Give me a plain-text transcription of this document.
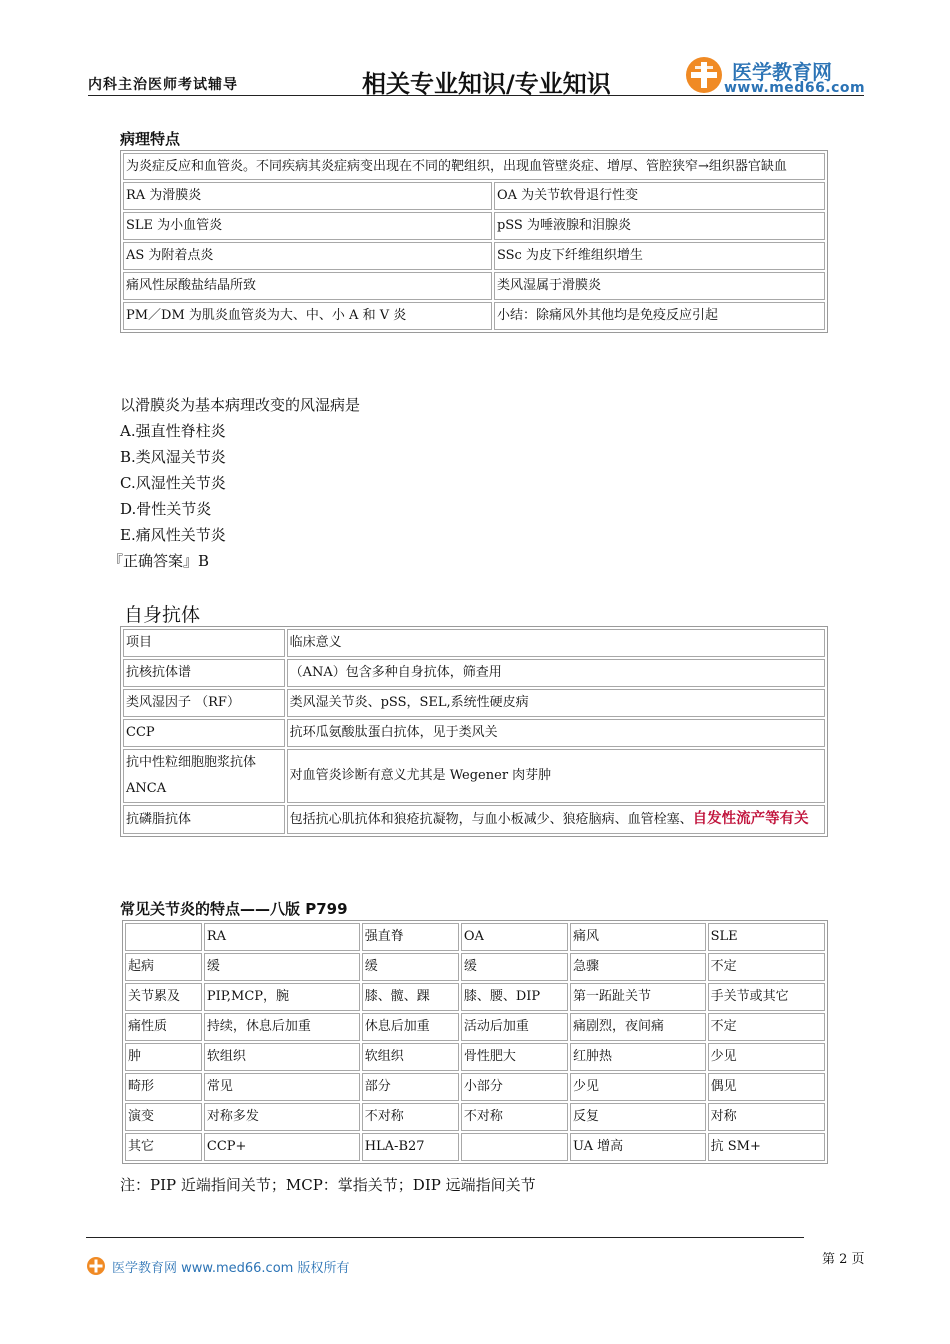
内科主治医师考试辅导	相关专业知识/专业知识	医学教育网
www.med66.com
病理特点
为炎症反应和血管炎。不同疾病其炎症病变出现在不同的靶组织，出现血管壁炎症、增厚、管腔狭窄→组织器官缺血	
RA 为滑膜炎	OA 为关节软骨退行性变
SLE 为小血管炎	pSS 为唾液腺和泪腺炎
AS 为附着点炎	SSc 为皮下纤维组织增生
痛风性尿酸盐结晶所致	类风湿属于滑膜炎
PM／DM 为肌炎血管炎为大、中、小 A 和 V 炎	小结：除痛风外其他均是免疫反应引起
以滑膜炎为基本病理改变的风湿病是
A.强直性脊柱炎
B.类风湿关节炎
C.风湿性关节炎
D.骨性关节炎
E.痛风性关节炎
『正确答案』B
自身抗体
项目	临床意义
抗核抗体谱	（ANA）包含多种自身抗体，筛查用
类风湿因子 （RF）	类风湿关节炎、pSS，SEL,系统性硬皮病
CCP	抗环瓜氨酸肽蛋白抗体，见于类风关
抗中性粒细胞胞浆抗体ANCA	对血管炎诊断有意义尤其是 Wegener 肉芽肿
抗磷脂抗体	包括抗心肌抗体和狼疮抗凝物，与血小板减少、狼疮脑病、血管栓塞、自发性流产等有关
常见关节炎的特点——八版 P799
	RA	强直脊	OA	痛风	SLE
起病	缓	缓	缓	急骤	不定
关节累及	PIP,MCP，腕	膝、髋、踝	膝、腰、DIP	第一跖趾关节	手关节或其它
痛性质	持续，休息后加重	休息后加重	活动后加重	痛剧烈，夜间痛	不定
肿	软组织	软组织	骨性肥大	红肿热	少见
畸形	常见	部分	小部分	少见	偶见
演变	对称多发	不对称	不对称	反复	对称
其它	CCP+	HLA-B27		UA 增高	抗 SM+
注：PIP 近端指间关节；MCP：掌指关节；DIP 远端指间关节
第 2 页
医学教育网 www.med66.com 版权所有
